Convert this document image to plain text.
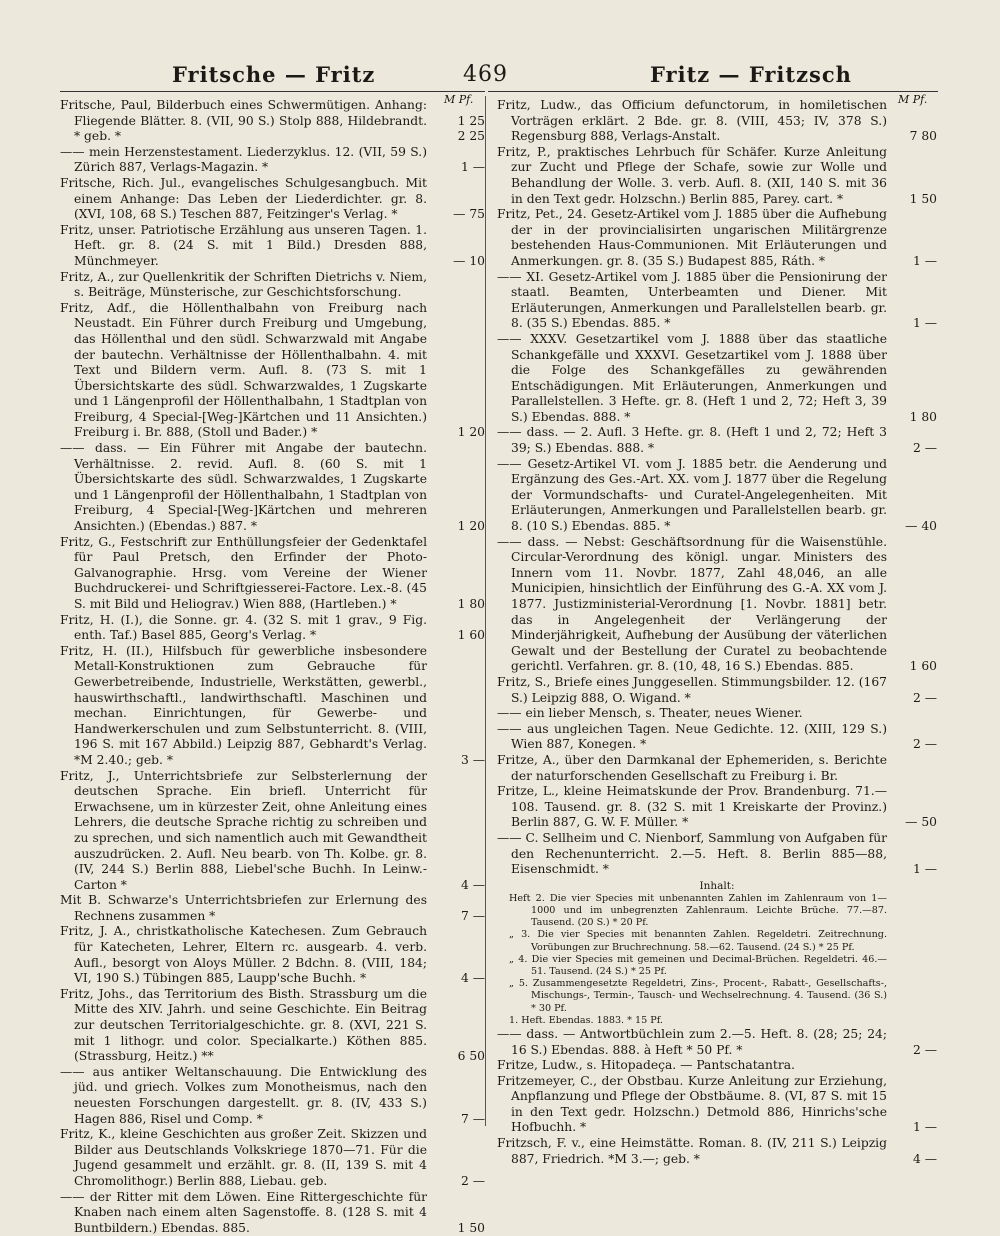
Fritsche — Fritz	469	Fritz — Fritzsch
M Pf.	M Pf.

Fritsche, Paul, Bilderbuch eines Schwermütigen. Anhang: Fliegende Blätter. 8. (VII, 90 S.) Stolp 888, Hildebrandt. * geb. *
1 25
2 25

—— mein Herzenstestament. Liederzyklus. 12. (VII, 59 S.) Zürich 887, Verlags-Magazin. *	1 —

Fritsche, Rich. Jul., evangelisches Schulgesangbuch. Mit einem Anhange: Das Leben der Liederdichter. gr. 8. (XVI, 108, 68 S.) Teschen 887, Feitzinger's Verlag. *	— 75

Fritz, unser. Patriotische Erzählung aus unseren Tagen. 1. Heft. gr. 8. (24 S. mit 1 Bild.) Dresden 888, Münchmeyer.	— 10

Fritz, A., zur Quellenkritik der Schriften Dietrichs v. Niem, s. Beiträge, Münsterische, zur Geschichtsforschung.

Fritz, Adf., die Höllenthalbahn von Freiburg nach Neustadt. Ein Führer durch Freiburg und Umgebung, das Höllenthal und den südl. Schwarzwald mit Angabe der bautechn. Verhältnisse der Höllenthalbahn. 4. mit Text und Bildern verm. Aufl. 8. (73 S. mit 1 Übersichtskarte des südl. Schwarzwaldes, 1 Zugskarte und 1 Längenprofil der Höllenthalbahn, 1 Stadtplan von Freiburg, 4 Special-[Weg-]Kärtchen und 11 Ansichten.) Freiburg i. Br. 888, (Stoll und Bader.) *	1 20

—— dass. — Ein Führer mit Angabe der bautechn. Verhältnisse. 2. revid. Aufl. 8. (60 S. mit 1 Übersichtskarte des südl. Schwarzwaldes, 1 Zugskarte und 1 Längenprofil der Höllenthalbahn, 1 Stadtplan von Freiburg, 4 Special-[Weg-]Kärtchen und mehreren Ansichten.) (Ebendas.) 887. *	1 20

Fritz, G., Festschrift zur Enthüllungsfeier der Gedenktafel für Paul Pretsch, den Erfinder der Photo-Galvanographie. Hrsg. vom Vereine der Wiener Buchdruckerei- und Schriftgiesserei-Factore. Lex.-8. (45 S. mit Bild und Heliograv.) Wien 888, (Hartleben.) *	1 80

Fritz, H. (I.), die Sonne. gr. 4. (32 S. mit 1 grav., 9 Fig. enth. Taf.) Basel 885, Georg's Verlag. *	1 60

Fritz, H. (II.), Hilfsbuch für gewerbliche insbesondere Metall-Konstruktionen zum Gebrauche für Gewerbetreibende, Industrielle, Werkstätten, gewerbl., hauswirthschaftl., landwirthschaftl. Maschinen und mechan. Einrichtungen, für Gewerbe- und Handwerkerschulen und zum Selbstunterricht. 8. (VIII, 196 S. mit 167 Abbild.) Leipzig 887, Gebhardt's Verlag. *M 2.40.; geb. *	3 —

Fritz, J., Unterrichtsbriefe zur Selbsterlernung der deutschen Sprache. Ein briefl. Unterricht für Erwachsene, um in kürzester Zeit, ohne Anleitung eines Lehrers, die deutsche Sprache richtig zu schreiben und zu sprechen, und sich namentlich auch mit Gewandtheit auszudrücken. 2. Aufl. Neu bearb. von Th. Kolbe. gr. 8. (IV, 244 S.) Berlin 888, Liebel'sche Buchh. In Leinw.-Carton *	4 —

Mit B. Schwarze's Unterrichtsbriefen zur Erlernung des Rechnens zusammen *	7 —

Fritz, J. A., christkatholische Katechesen. Zum Gebrauch für Katecheten, Lehrer, Eltern rc. ausgearb. 4. verb. Aufl., besorgt von Aloys Müller. 2 Bdchn. 8. (VIII, 184; VI, 190 S.) Tübingen 885, Laupp'sche Buchh. *	4 —

Fritz, Johs., das Territorium des Bisth. Strassburg um die Mitte des XIV. Jahrh. und seine Geschichte. Ein Beitrag zur deutschen Territorialgeschichte. gr. 8. (XVI, 221 S. mit 1 lithogr. und color. Specialkarte.) Köthen 885. (Strassburg, Heitz.) **	6 50

—— aus antiker Weltanschauung. Die Entwicklung des jüd. und griech. Volkes zum Monotheismus, nach den neuesten Forschungen dargestellt. gr. 8. (IV, 433 S.) Hagen 886, Risel und Comp. *	7 —

Fritz, K., kleine Geschichten aus großer Zeit. Skizzen und Bilder aus Deutschlands Volkskriege 1870—71. Für die Jugend gesammelt und erzählt. gr. 8. (II, 139 S. mit 4 Chromolithogr.) Berlin 888, Liebau. geb.	2 —

—— der Ritter mit dem Löwen. Eine Rittergeschichte für Knaben nach einem alten Sagenstoffe. 8. (128 S. mit 4 Buntbildern.) Ebendas. 885.	1 50

Fritz, Ludw., das Officium defunctorum, in homiletischen Vorträgen erklärt. 2 Bde. gr. 8. (VIII, 453; IV, 378 S.) Regensburg 888, Verlags-Anstalt.	7 80

Fritz, P., praktisches Lehrbuch für Schäfer. Kurze Anleitung zur Zucht und Pflege der Schafe, sowie zur Wolle und Behandlung der Wolle. 3. verb. Aufl. 8. (XII, 140 S. mit 36 in den Text gedr. Holzschn.) Berlin 885, Parey. cart. *	1 50

Fritz, Pet., 24. Gesetz-Artikel vom J. 1885 über die Aufhebung der in der provincialisirten ungarischen Militärgrenze bestehenden Haus-Communionen. Mit Erläuterungen und Anmerkungen. gr. 8. (35 S.) Budapest 885, Ráth. *	1 —

—— XI. Gesetz-Artikel vom J. 1885 über die Pensionirung der staatl. Beamten, Unterbeamten und Diener. Mit Erläuterungen, Anmerkungen und Parallelstellen bearb. gr. 8. (35 S.) Ebendas. 885. *	1 —

—— XXXV. Gesetzartikel vom J. 1888 über das staatliche Schankgefälle und XXXVI. Gesetzartikel vom J. 1888 über die Folge des Schankgefälles zu gewährenden Entschädigungen. Mit Erläuterungen, Anmerkungen und Parallelstellen. 3 Hefte. gr. 8. (Heft 1 und 2, 72; Heft 3, 39 S.) Ebendas. 888. *	1 80

—— dass. — 2. Aufl. 3 Hefte. gr. 8. (Heft 1 und 2, 72; Heft 3 39; S.) Ebendas. 888. *	2 —

—— Gesetz-Artikel VI. vom J. 1885 betr. die Aenderung und Ergänzung des Ges.-Art. XX. vom J. 1877 über die Regelung der Vormundschafts- und Curatel-Angelegenheiten. Mit Erläuterungen, Anmerkungen und Parallelstellen bearb. gr. 8. (10 S.) Ebendas. 885. *	— 40

—— dass. — Nebst: Geschäftsordnung für die Waisenstühle. Circular-Verordnung des königl. ungar. Ministers des Innern vom 11. Novbr. 1877, Zahl 48,046, an alle Municipien, hinsichtlich der Einführung des G.-A. XX vom J. 1877. Justizministerial-Verordnung [1. Novbr. 1881] betr. das in Angelegenheit der Verlängerung der Minderjährigkeit, Aufhebung der Ausübung der väterlichen Gewalt und der Bestellung der Curatel zu beobachtende gerichtl. Verfahren. gr. 8. (10, 48, 16 S.) Ebendas. 885.	1 60

Fritz, S., Briefe eines Junggesellen. Stimmungsbilder. 12. (167 S.) Leipzig 888, O. Wigand. *	2 —

—— ein lieber Mensch, s. Theater, neues Wiener.

—— aus ungleichen Tagen. Neue Gedichte. 12. (XIII, 129 S.) Wien 887, Konegen. *	2 —

Fritze, A., über den Darmkanal der Ephemeriden, s. Berichte der naturforschenden Gesellschaft zu Freiburg i. Br.

Fritze, L., kleine Heimatskunde der Prov. Brandenburg. 71.—108. Tausend. gr. 8. (32 S. mit 1 Kreiskarte der Provinz.) Berlin 887, G. W. F. Müller. *	— 50

—— C. Sellheim und C. Nienborf, Sammlung von Aufgaben für den Rechenunterricht. 2.—5. Heft. 8. Berlin 885—88, Eisenschmidt. *	1 —

Inhalt:

Heft 2. Die vier Species mit unbenannten Zahlen im Zahlenraum von 1—1000 und im unbegrenzten Zahlenraum. Leichte Brüche. 77.—87. Tausend. (20 S.) * 20 Pf.

„ 3. Die vier Species mit benannten Zahlen. Regeldetri. Zeitrechnung. Vorübungen zur Bruchrechnung. 58.—62. Tausend. (24 S.) * 25 Pf.

„ 4. Die vier Species mit gemeinen und Decimal-Brüchen. Regeldetri. 46.—51. Tausend. (24 S.) * 25 Pf.

„ 5. Zusammengesetzte Regeldetri, Zins-, Procent-, Rabatt-, Gesellschafts-, Mischungs-, Termin-, Tausch- und Wechselrechnung. 4. Tausend. (36 S.) * 30 Pf.

1. Heft. Ebendas. 1883. * 15 Pf.

—— dass. — Antwortbüchlein zum 2.—5. Heft. 8. (28; 25; 24; 16 S.) Ebendas. 888. à Heft * 50 Pf. *	2 —

Fritze, Ludw., s. Hitopadeça. — Pantschatantra.

Fritzemeyer, C., der Obstbau. Kurze Anleitung zur Erziehung, Anpflanzung und Pflege der Obstbäume. 8. (VI, 87 S. mit 15 in den Text gedr. Holzschn.) Detmold 886, Hinrichs'sche Hofbuchh. *	1 —

Fritzsch, F. v., eine Heimstätte. Roman. 8. (IV, 211 S.) Leipzig 887, Friedrich. *M 3.—; geb. *	4 —
